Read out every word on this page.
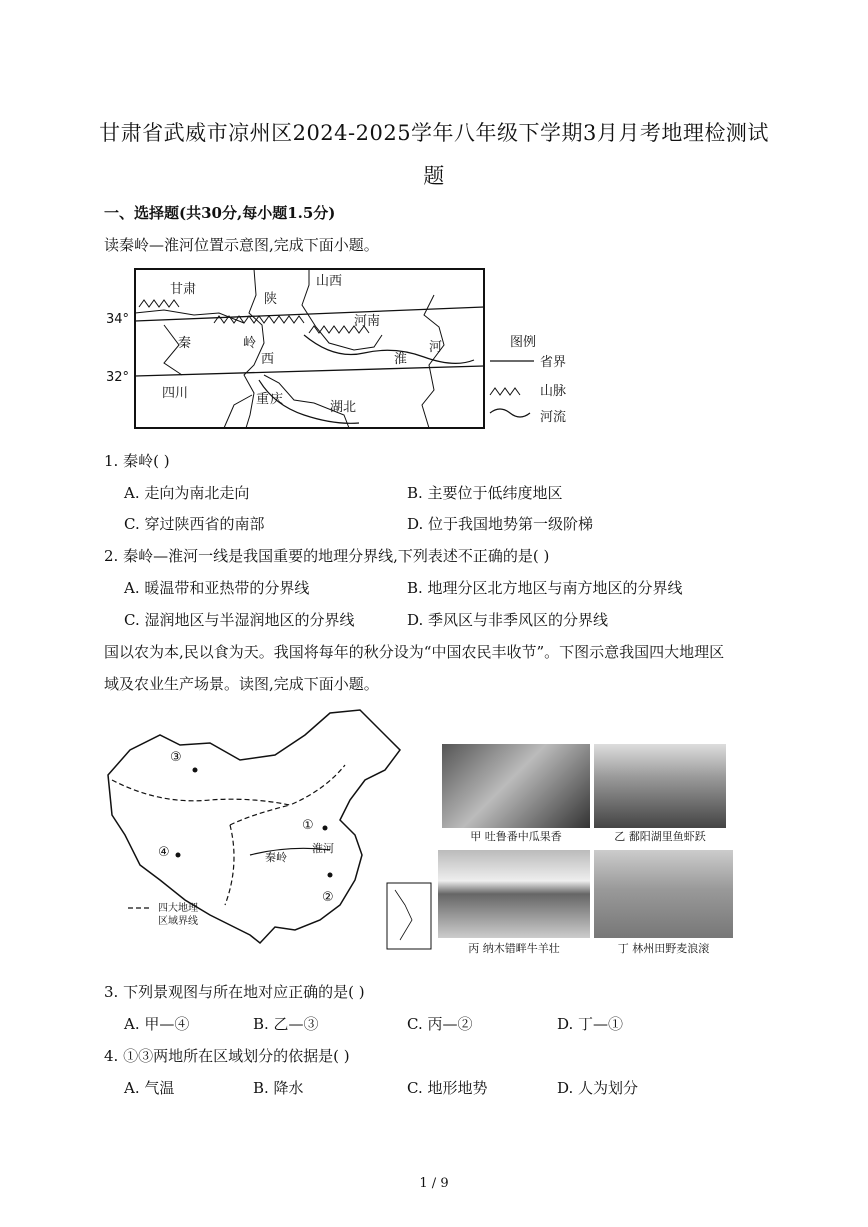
甘肃省武威市凉州区2024-2025学年八年级下学期3月月考地理检测试
题
一、选择题(共30分,每小题1.5分)
读秦岭—淮河位置示意图,完成下面小题。
34°
32°
甘肃
陕
山西
秦	岭
西
河南
淮
河
四川	重 庆
湖北
图例
省界
山脉
河流
1. 秦岭( )
A. 走向为南北走向	B. 主要位于低纬度地区
C. 穿过陕西省的南部	D. 位于我国地势第一级阶梯
2. 秦岭—淮河一线是我国重要的地理分界线,下列表述不正确的是( )
A. 暖温带和亚热带的分界线	B. 地理分区北方地区与南方地区的分界线
C. 湿润地区与半湿润地区的分界线	D. 季风区与非季风区的分界线
国以农为本,民以食为天。我国将每年的秋分设为“中国农民丰收节”。下图示意我国四大地理区
域及农业生产场景。读图,完成下面小题。
③
①
②
④	秦岭
淮河
四大地理
区域界线
甲 吐鲁番中瓜果香	乙 鄱阳湖里鱼虾跃
丙 纳木错畔牛羊壮	丁 林州田野麦浪滚
3. 下列景观图与所在地对应正确的是( )
A. 甲—④	B. 乙—③	C. 丙—②	D. 丁—①
4. ①③两地所在区域划分的依据是( )
A. 气温	B. 降水	C. 地形地势	D. 人为划分
1 / 9
